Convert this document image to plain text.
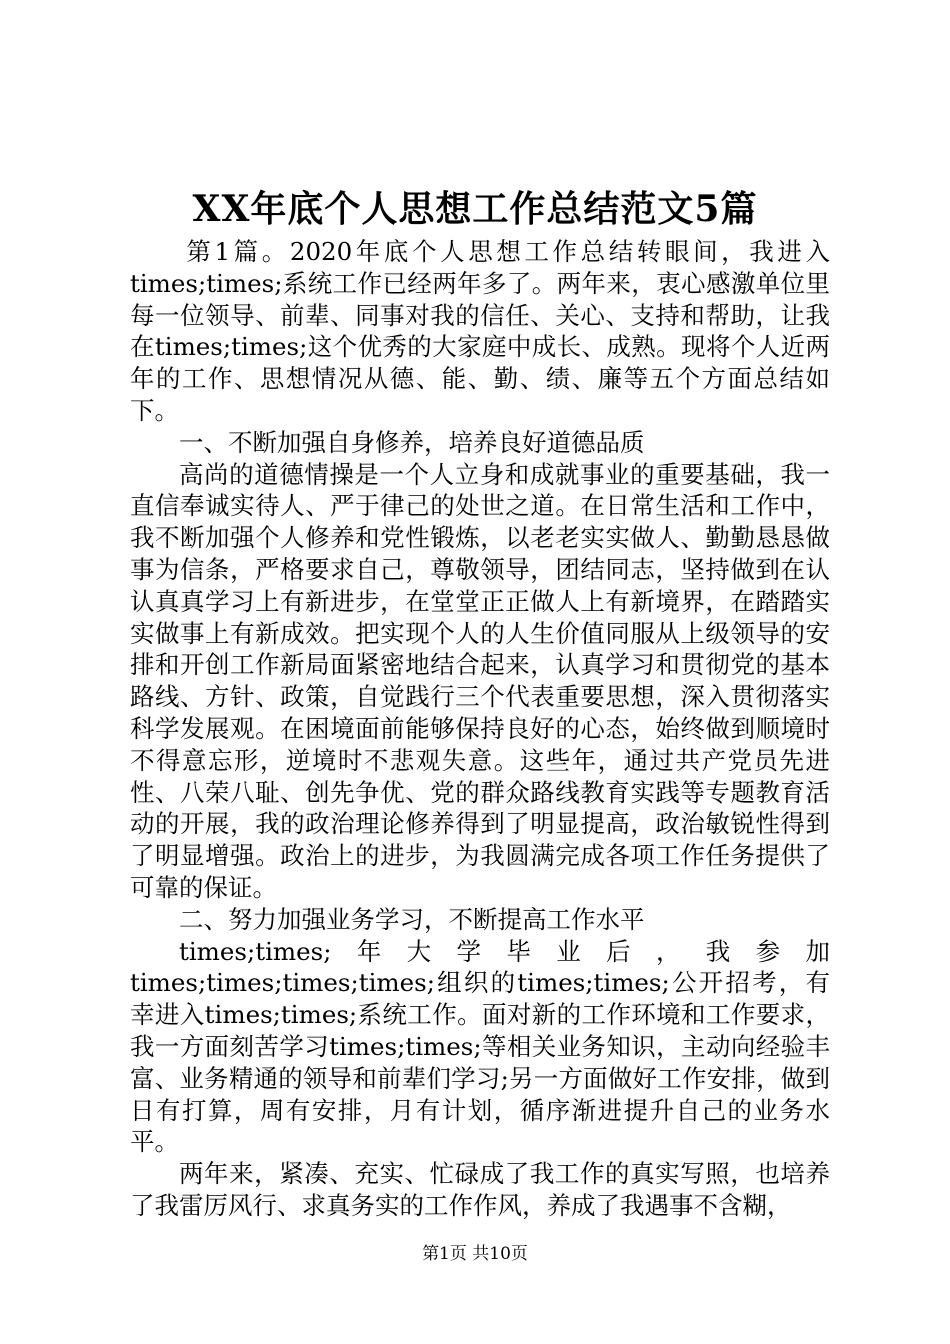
XX年底个人思想工作总结范文5篇

第1篇。2020年底个人思想工作总结转眼间，我进入times;times;系统工作已经两年多了。两年来，衷心感激单位里每一位领导、前辈、同事对我的信任、关心、支持和帮助，让我在times;times;这个优秀的大家庭中成长、成熟。现将个人近两年的工作、思想情况从德、能、勤、绩、廉等五个方面总结如下。

一、不断加强自身修养，培养良好道德品质

高尚的道德情操是一个人立身和成就事业的重要基础，我一直信奉诚实待人、严于律己的处世之道。在日常生活和工作中，我不断加强个人修养和党性锻炼，以老老实实做人、勤勤恳恳做事为信条，严格要求自己，尊敬领导，团结同志，坚持做到在认认真真学习上有新进步，在堂堂正正做人上有新境界，在踏踏实实做事上有新成效。把实现个人的人生价值同服从上级领导的安排和开创工作新局面紧密地结合起来，认真学习和贯彻党的基本路线、方针、政策，自觉践行三个代表重要思想，深入贯彻落实科学发展观。在困境面前能够保持良好的心态，始终做到顺境时不得意忘形，逆境时不悲观失意。这些年，通过共产党员先进性、八荣八耻、创先争优、党的群众路线教育实践等专题教育活动的开展，我的政治理论修养得到了明显提高，政治敏锐性得到了明显增强。政治上的进步，为我圆满完成各项工作任务提供了可靠的保证。

二、努力加强业务学习，不断提高工作水平

times;times;年大学毕业后，我参加times;times;times;times;组织的times;times;公开招考，有幸进入times;times;系统工作。面对新的工作环境和工作要求，我一方面刻苦学习times;times;等相关业务知识，主动向经验丰富、业务精通的领导和前辈们学习;另一方面做好工作安排，做到日有打算，周有安排，月有计划，循序渐进提升自己的业务水平。

两年来，紧凑、充实、忙碌成了我工作的真实写照，也培养了我雷厉风行、求真务实的工作作风，养成了我遇事不含糊，

第1页 共10页
